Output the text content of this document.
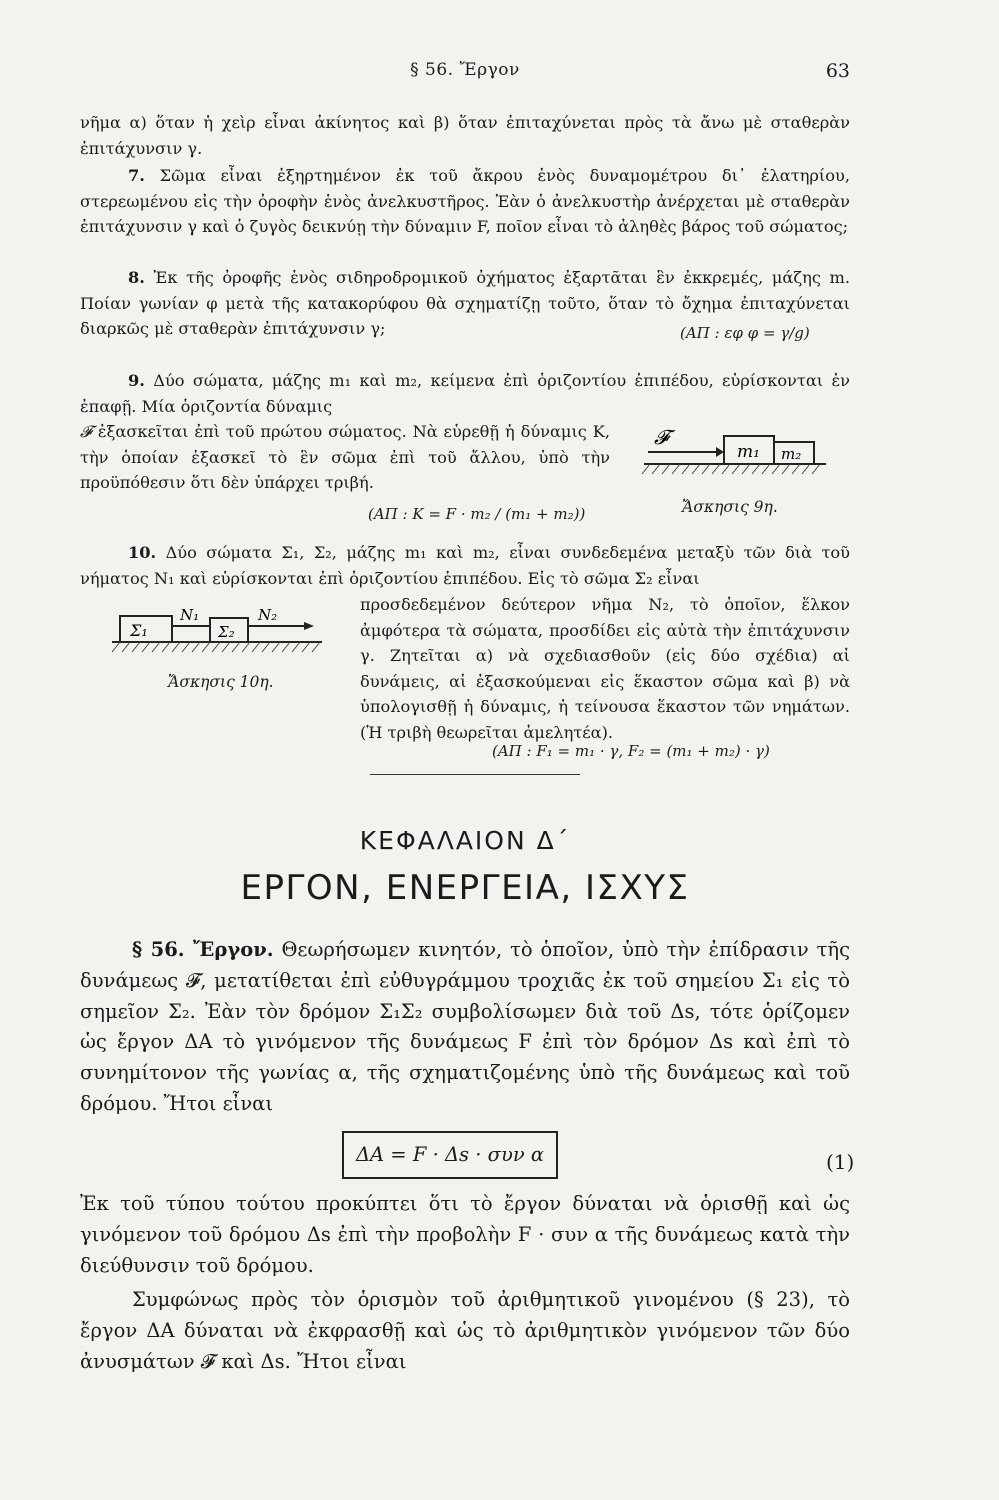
§ 56. Ἔργον	63
νῆμα α) ὅταν ἡ χεὶρ εἶναι ἀκίνητος καὶ β) ὅταν ἐπιταχύνεται πρὸς τὰ ἄνω μὲ σταθερὰν ἐπιτάχυνσιν γ.
7. Σῶμα εἶναι ἐξηρτημένον ἐκ τοῦ ἄκρου ἑνὸς δυναμομέτρου δι᾽ ἐλατηρίου, στερεωμένου εἰς τὴν ὀροφὴν ἑνὸς ἀνελκυστῆρος. Ἐὰν ὁ ἀνελκυστὴρ ἀνέρχεται μὲ σταθερὰν ἐπιτάχυνσιν γ καὶ ὁ ζυγὸς δεικνύῃ τὴν δύναμιν F, ποῖον εἶναι τὸ ἀληθὲς βάρος τοῦ σώματος;
8. Ἐκ τῆς ὀροφῆς ἑνὸς σιδηροδρομικοῦ ὀχήματος ἐξαρτᾶται ἓν ἐκκρεμές, μάζης m. Ποίαν γωνίαν φ μετὰ τῆς κατακορύφου θὰ σχηματίζῃ τοῦτο, ὅταν τὸ ὄχημα ἐπιταχύνεται διαρκῶς μὲ σταθερὰν ἐπιτάχυνσιν γ;	(ΑΠ : εφ φ = γ/g)
9. Δύο σώματα, μάζης m₁ καὶ m₂, κείμενα ἐπὶ ὁριζοντίου ἐπιπέδου, εὑρίσκονται ἐν ἐπαφῇ. Μία ὁριζοντία δύναμις
𝓕 ἐξασκεῖται ἐπὶ τοῦ πρώτου σώματος. Νὰ εὑρεθῇ ἡ δύναμις K, τὴν ὁποίαν ἐξασκεῖ τὸ ἓν σῶμα ἐπὶ τοῦ ἄλλου, ὑπὸ τὴν προϋπόθεσιν ὅτι δὲν ὑπάρχει τριβή.
𝓕
m₁ m₂
Ἄσκησις 9η.
(ΑΠ : K = F · m₂ / (m₁ + m₂))
10. Δύο σώματα Σ₁, Σ₂, μάζης m₁ καὶ m₂, εἶναι συνδεδεμένα μεταξὺ τῶν διὰ τοῦ νήματος N₁ καὶ εὑρίσκονται ἐπὶ ὁριζοντίου ἐπιπέδου. Εἰς τὸ σῶμα Σ₂ εἶναι
προσδεδεμένον δεύτερον νῆμα N₂, τὸ ὁποῖον, ἕλκον ἀμφότερα τὰ σώματα, προσδίδει εἰς αὐτὰ τὴν ἐπιτάχυνσιν γ. Ζητεῖται α) νὰ σχεδιασθοῦν (εἰς δύο σχέδια) αἱ δυνάμεις, αἱ ἐξασκούμεναι εἰς ἕκαστον σῶμα καὶ β) νὰ ὑπολογισθῇ ἡ δύναμις, ἡ τείνουσα ἕκαστον τῶν νημάτων. (Ἡ τριβὴ θεωρεῖται ἀμελητέα).
Σ₁	Σ₂
N₁	N₂
Ἄσκησις 10η.
(ΑΠ : F₁ = m₁ · γ, F₂ = (m₁ + m₂) · γ)
ΚΕΦΑΛΑΙΟΝ Δ΄
ΕΡΓΟΝ, ΕΝΕΡΓΕΙΑ, ΙΣΧΥΣ
§ 56. Ἔργον. Θεωρήσωμεν κινητόν, τὸ ὁποῖον, ὑπὸ τὴν ἐπίδρασιν τῆς δυνάμεως 𝓕, μετατίθεται ἐπὶ εὐθυγράμμου τροχιᾶς ἐκ τοῦ σημείου Σ₁ εἰς τὸ σημεῖον Σ₂. Ἐὰν τὸν δρόμον Σ₁Σ₂ συμβολίσωμεν διὰ τοῦ Δs, τότε ὁρίζομεν ὡς ἔργον ΔΑ τὸ γινόμενον τῆς δυνάμεως F ἐπὶ τὸν δρόμον Δs καὶ ἐπὶ τὸ συνημίτονον τῆς γωνίας α, τῆς σχηματιζομένης ὑπὸ τῆς δυνάμεως καὶ τοῦ δρόμου. Ἤτοι εἶναι
ΔΑ = F · Δs · συν α	(1)
Ἐκ τοῦ τύπου τούτου προκύπτει ὅτι τὸ ἔργον δύναται νὰ ὁρισθῇ καὶ ὡς γινόμενον τοῦ δρόμου Δs ἐπὶ τὴν προβολὴν F · συν α τῆς δυνάμεως κατὰ τὴν διεύθυνσιν τοῦ δρόμου.
Συμφώνως πρὸς τὸν ὁρισμὸν τοῦ ἀριθμητικοῦ γινομένου (§ 23), τὸ ἔργον ΔΑ δύναται νὰ ἐκφρασθῇ καὶ ὡς τὸ ἀριθμητικὸν γινόμενον τῶν δύο ἀνυσμάτων 𝓕 καὶ Δs. Ἤτοι εἶναι
